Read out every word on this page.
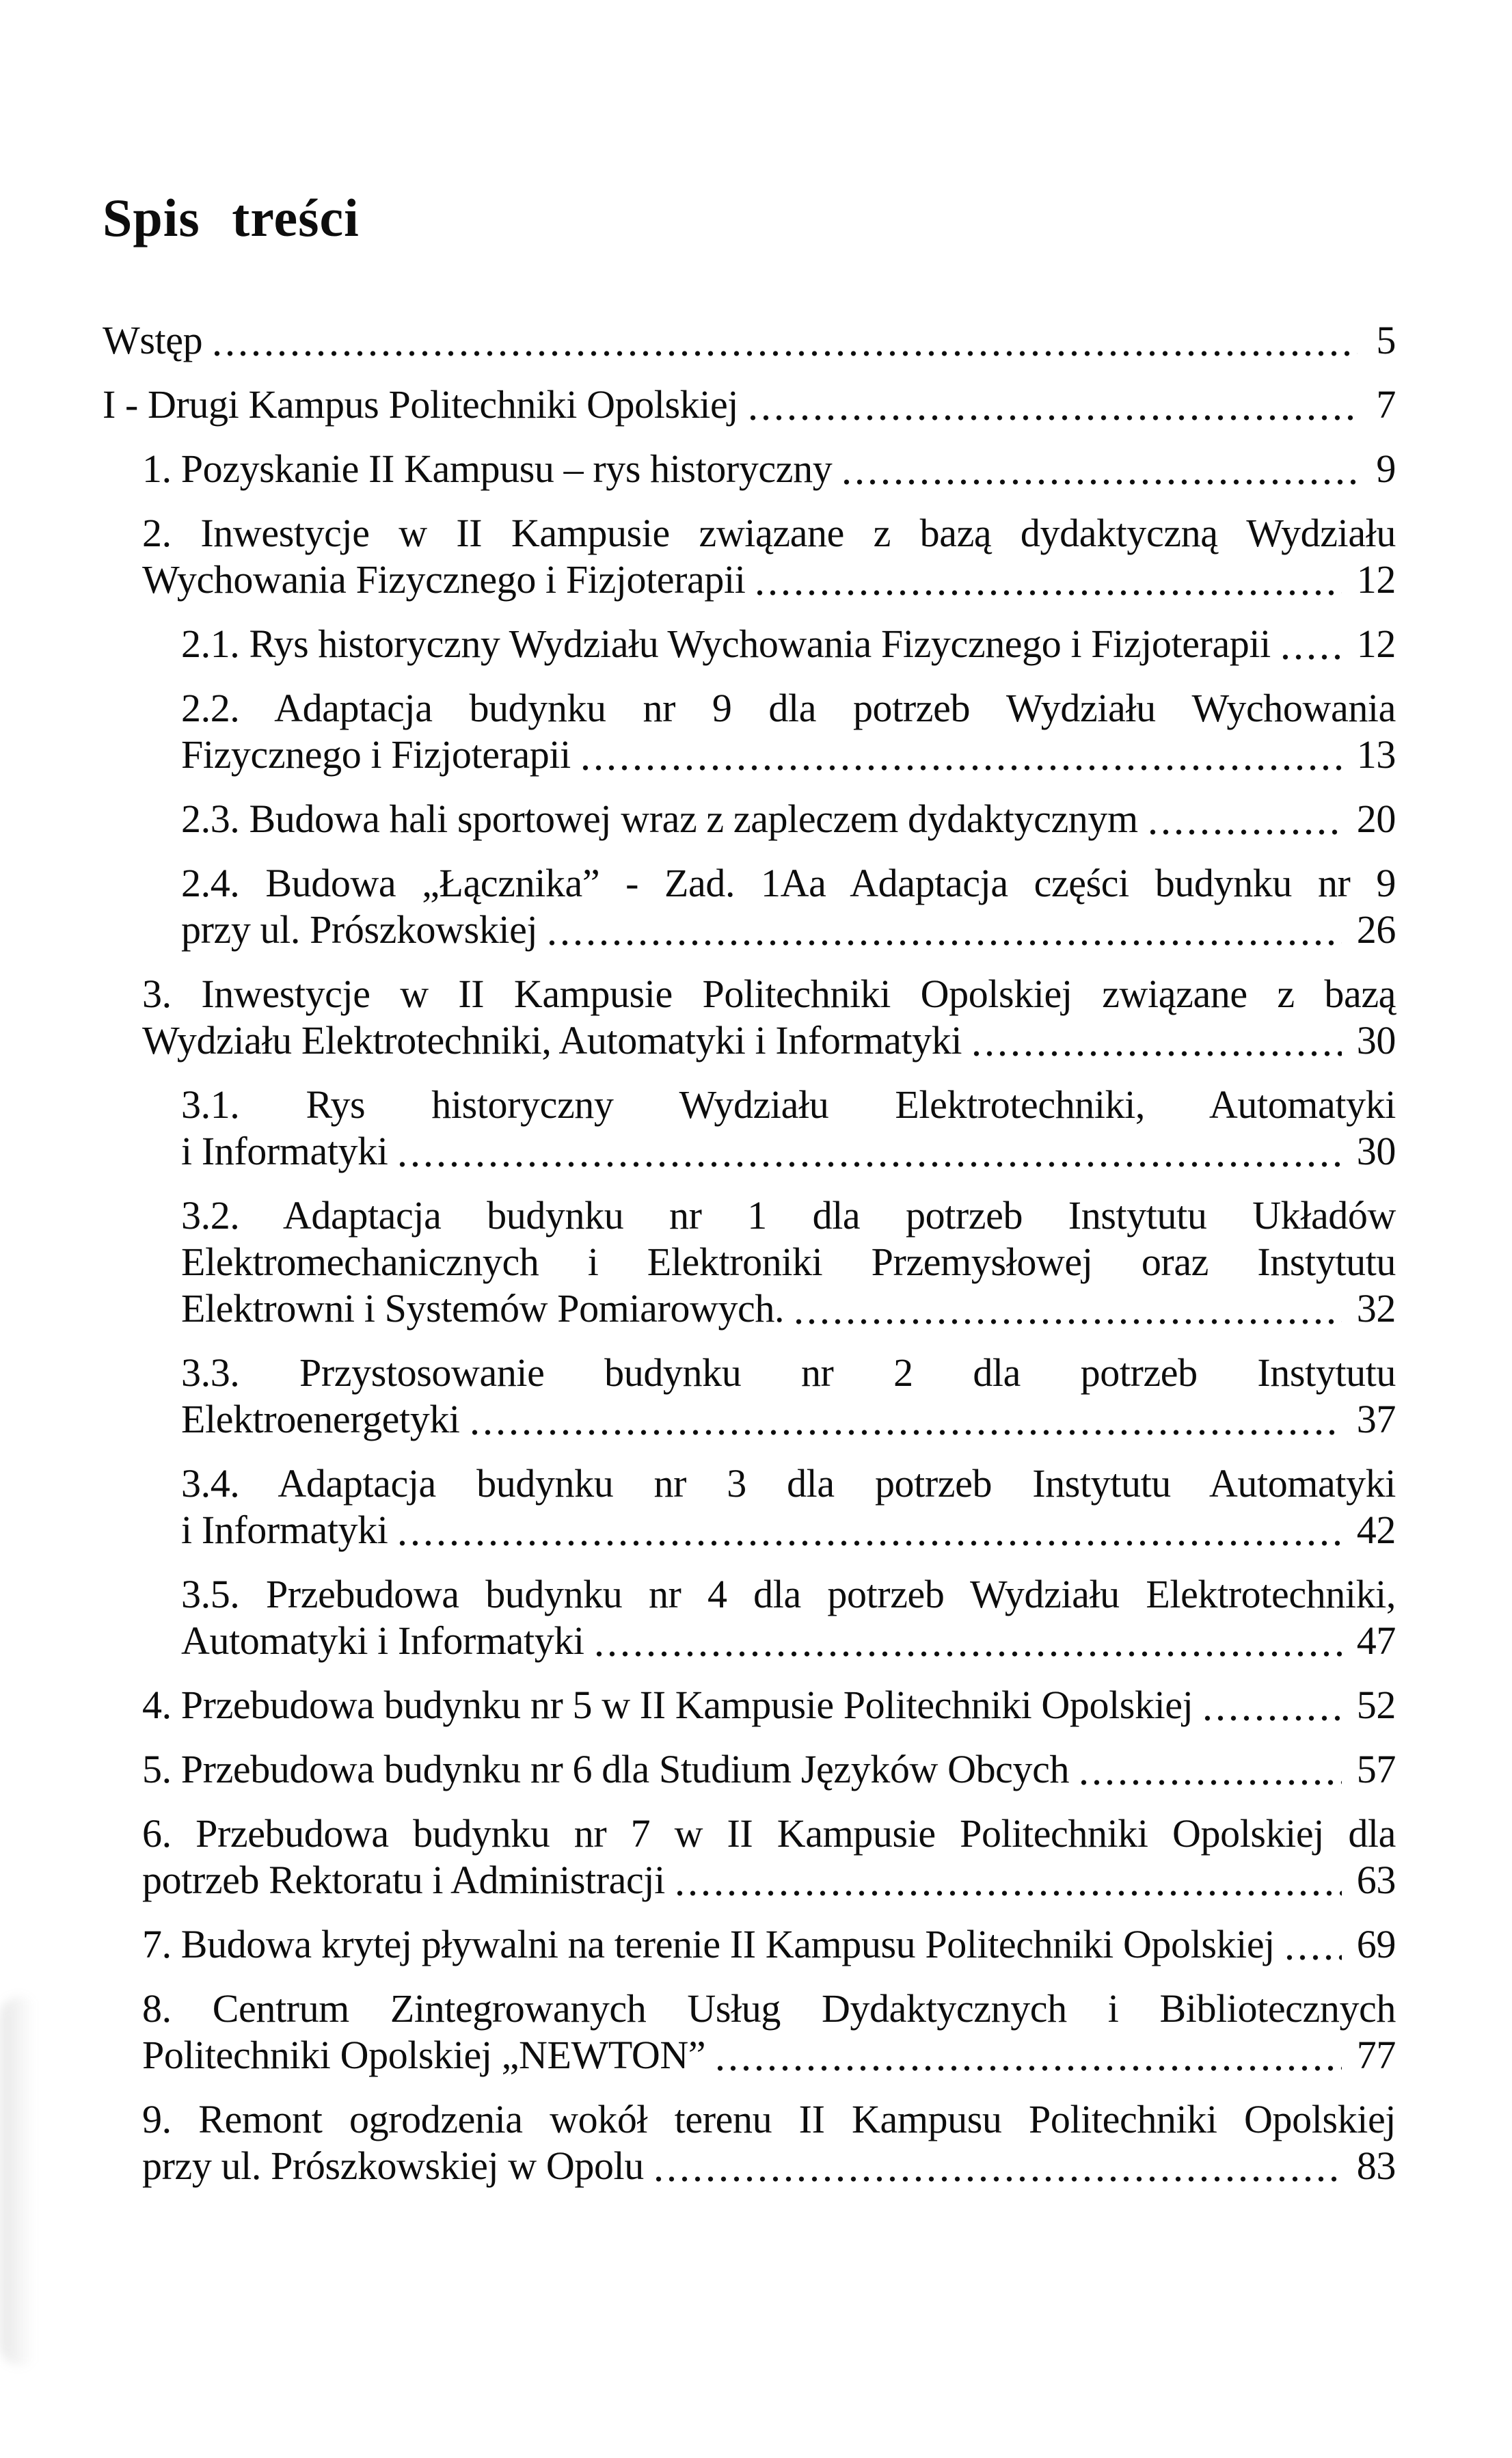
Spis treści
Wstęp	5
I - Drugi Kampus Politechniki Opolskiej	7
1. Pozyskanie II Kampusu – rys historyczny	9
2. Inwestycje w II Kampusie związane z bazą dydaktyczną Wydziału
Wychowania Fizycznego i Fizjoterapii	12
2.1. Rys historyczny Wydziału Wychowania Fizycznego i Fizjoterapii 12
2.2. Adaptacja budynku nr 9 dla potrzeb Wydziału Wychowania
Fizycznego i Fizjoterapii	13
2.3. Budowa hali sportowej wraz z zapleczem dydaktycznym	20
2.4. Budowa „Łącznika” - Zad. 1Aa Adaptacja części budynku nr 9
przy ul. Prószkowskiej	26
3. Inwestycje w II Kampusie Politechniki Opolskiej związane z bazą
Wydziału Elektrotechniki, Automatyki i Informatyki	30
3.1. Rys historyczny Wydziału Elektrotechniki, Automatyki
i Informatyki	30
3.2. Adaptacja budynku nr 1 dla potrzeb Instytutu Układów
Elektromechanicznych i Elektroniki Przemysłowej oraz Instytutu
Elektrowni i Systemów Pomiarowych.	32
3.3. Przystosowanie budynku nr 2 dla potrzeb Instytutu
Elektroenergetyki	37
3.4. Adaptacja budynku nr 3 dla potrzeb Instytutu Automatyki
i Informatyki	42
3.5. Przebudowa budynku nr 4 dla potrzeb Wydziału Elektrotechniki,
Automatyki i Informatyki	47
4. Przebudowa budynku nr 5 w II Kampusie Politechniki Opolskiej	52
5. Przebudowa budynku nr 6 dla Studium Języków Obcych	57
6. Przebudowa budynku nr 7 w II Kampusie Politechniki Opolskiej dla
potrzeb Rektoratu i Administracji	63
7. Budowa krytej pływalni na terenie II Kampusu Politechniki Opolskiej 69
8. Centrum Zintegrowanych Usług Dydaktycznych i Bibliotecznych
Politechniki Opolskiej „NEWTON”	77
9. Remont ogrodzenia wokół terenu II Kampusu Politechniki Opolskiej
przy ul. Prószkowskiej w Opolu	83
